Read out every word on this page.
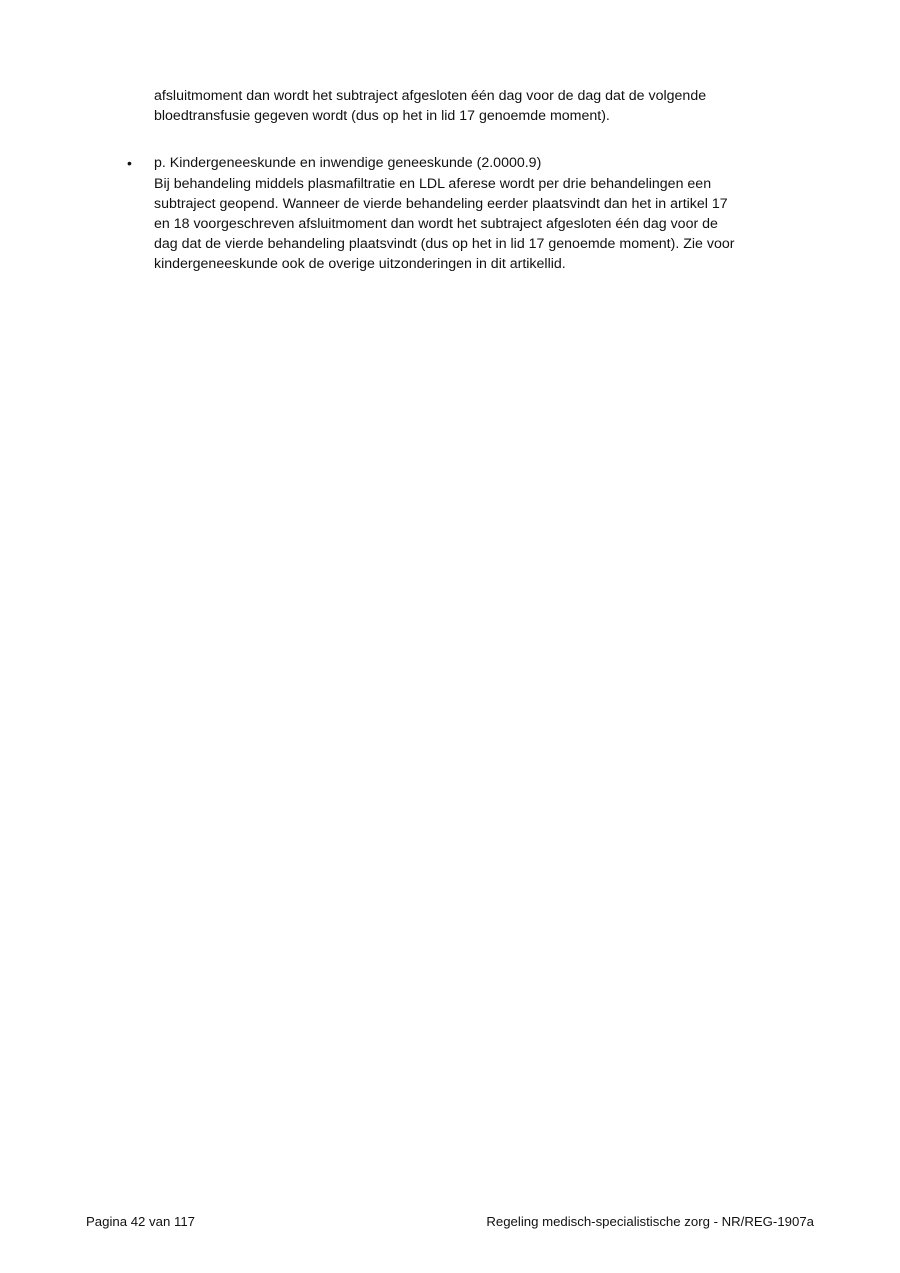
afsluitmoment dan wordt het subtraject afgesloten één dag voor de dag dat de volgende
bloedtransfusie gegeven wordt (dus op het in lid 17 genoemde moment).

• p. Kindergeneeskunde en inwendige geneeskunde (2.0000.9)
Bij behandeling middels plasmafiltratie en LDL aferese wordt per drie behandelingen een
subtraject geopend. Wanneer de vierde behandeling eerder plaatsvindt dan het in artikel 17
en 18 voorgeschreven afsluitmoment dan wordt het subtraject afgesloten één dag voor de
dag dat de vierde behandeling plaatsvindt (dus op het in lid 17 genoemde moment). Zie voor
kindergeneeskunde ook de overige uitzonderingen in dit artikellid.
Pagina 42 van 117	Regeling medisch-specialistische zorg - NR/REG-1907a
